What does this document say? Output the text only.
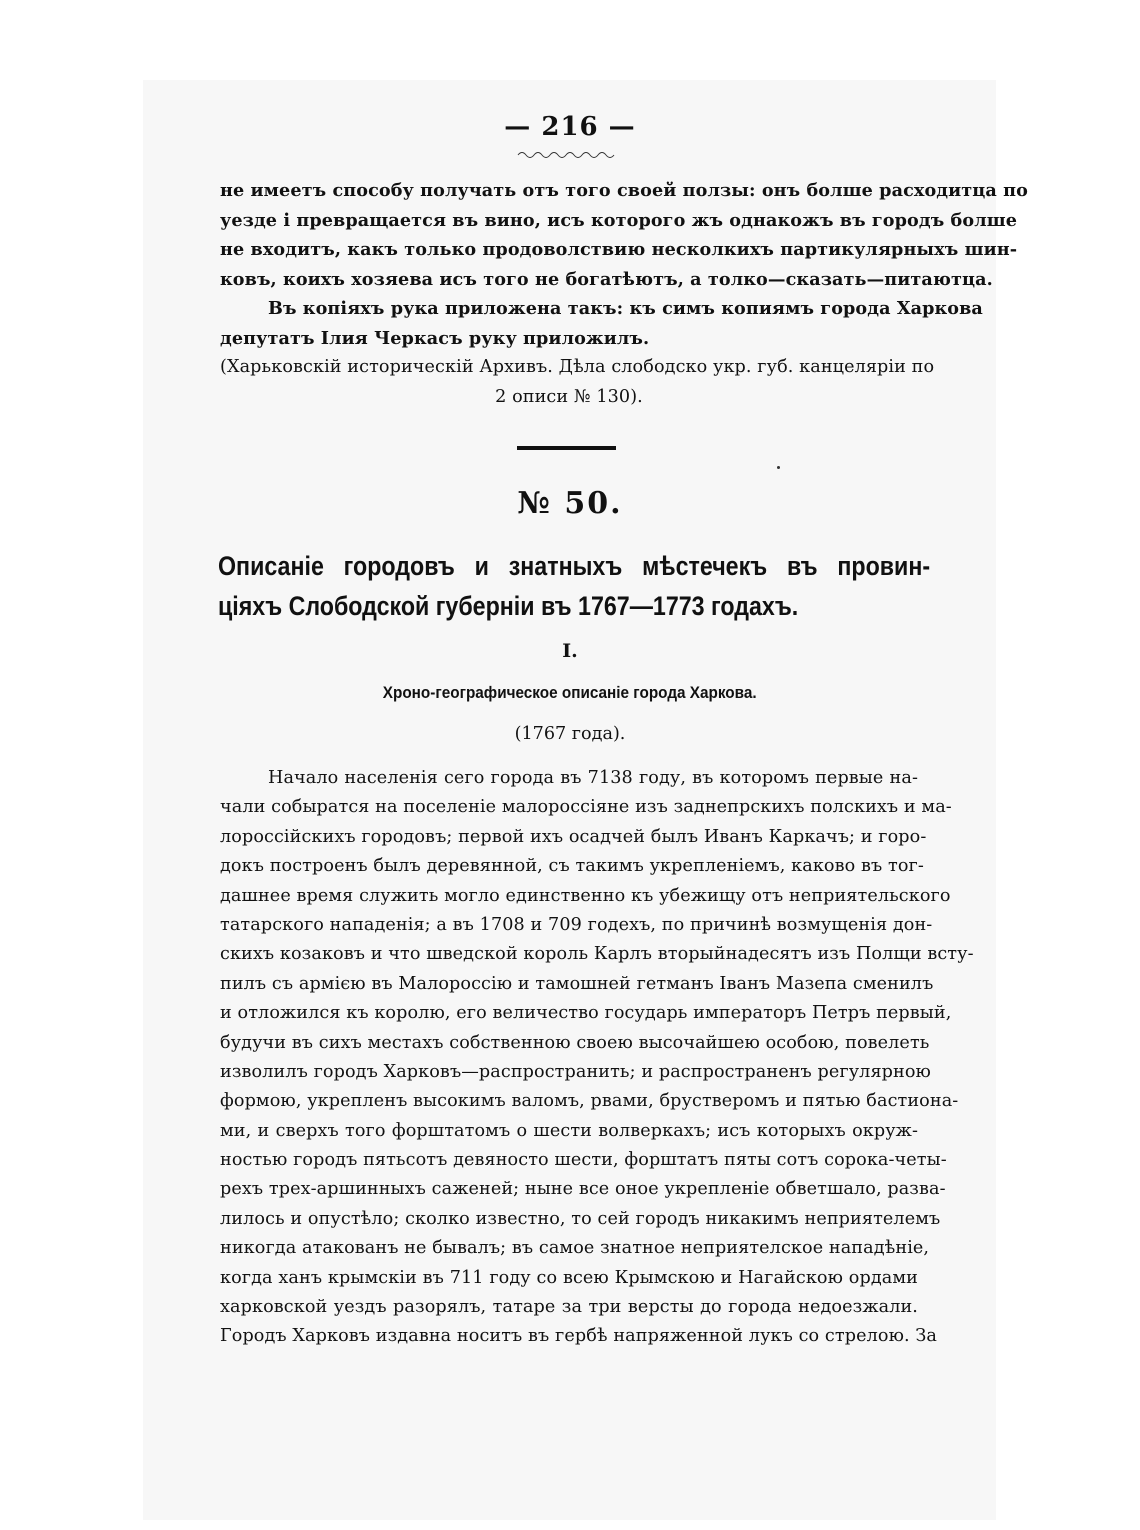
— 216 —
не имеетъ способу получать отъ того своей ползы: онъ болше расходитца по
уезде і превращается въ вино, исъ которого жъ однакожъ въ городъ болше
не входитъ, какъ только продоволствию несколкихъ партикулярныхъ шин-
ковъ, коихъ хозяева исъ того не богатѣютъ, а толко—сказать—питаютца.
Въ копіяхъ рука приложена такъ: къ симъ копиямъ города Харкова
депутатъ Ілия Черкасъ руку приложилъ.
(Харьковскій историческій Архивъ. Дѣла слободско укр. губ. канцеляріи по
2 описи № 130).
№ 50.
Описаніе городовъ и знатныхъ мѣстечекъ въ провин-
ціяхъ Слободской губерніи въ 1767—1773 годахъ.
I.
Хроно-географическое описаніе города Харкова.
(1767 года).
Начало населенія сего города въ 7138 году, въ которомъ первые на-
чали собыратся на поселеніе малороссіяне изъ заднепрскихъ полскихъ и ма-
лороссійскихъ городовъ; первой ихъ осадчей былъ Иванъ Каркачъ; и горо-
докъ построенъ былъ деревянной, съ такимъ укрепленіемъ, каково въ тог-
дашнее время служить могло единственно къ убежищу отъ неприятельского
татарского нападенія; а въ 1708 и 709 годехъ, по причинѣ возмущенія дон-
скихъ козаковъ и что шведской король Карлъ вторыйнадесятъ изъ Полщи всту-
пилъ съ армією въ Малороссію и тамошней гетманъ Іванъ Мазепа сменилъ
и отложился къ королю, его величество государь императоръ Петръ первый,
будучи въ сихъ местахъ собственною своею высочайшею особою, повелеть
изволилъ городъ Харковъ—распространить; и распространенъ регулярною
формою, укрепленъ высокимъ валомъ, рвами, брустверомъ и пятью бастиона-
ми, и сверхъ того форштатомъ о шести волверкахъ; исъ которыхъ окруж-
ностью городъ пятьсотъ девяносто шести, форштатъ пяты сотъ сорока-четы-
рехъ трех-аршинныхъ саженей; ныне все оное укрепленіе обветшало, разва-
лилось и опустѣло; сколко известно, то сей городъ никакимъ неприятелемъ
никогда атакованъ не бывалъ; въ самое знатное неприятелское нападѣніе,
когда ханъ крымскіи въ 711 году со всею Крымскою и Нагайскою ордами
харковской уездъ разорялъ, татаре за три версты до города недоезжали.
Городъ Харковъ издавна носитъ въ гербѣ напряженной лукъ со стрелою. За
